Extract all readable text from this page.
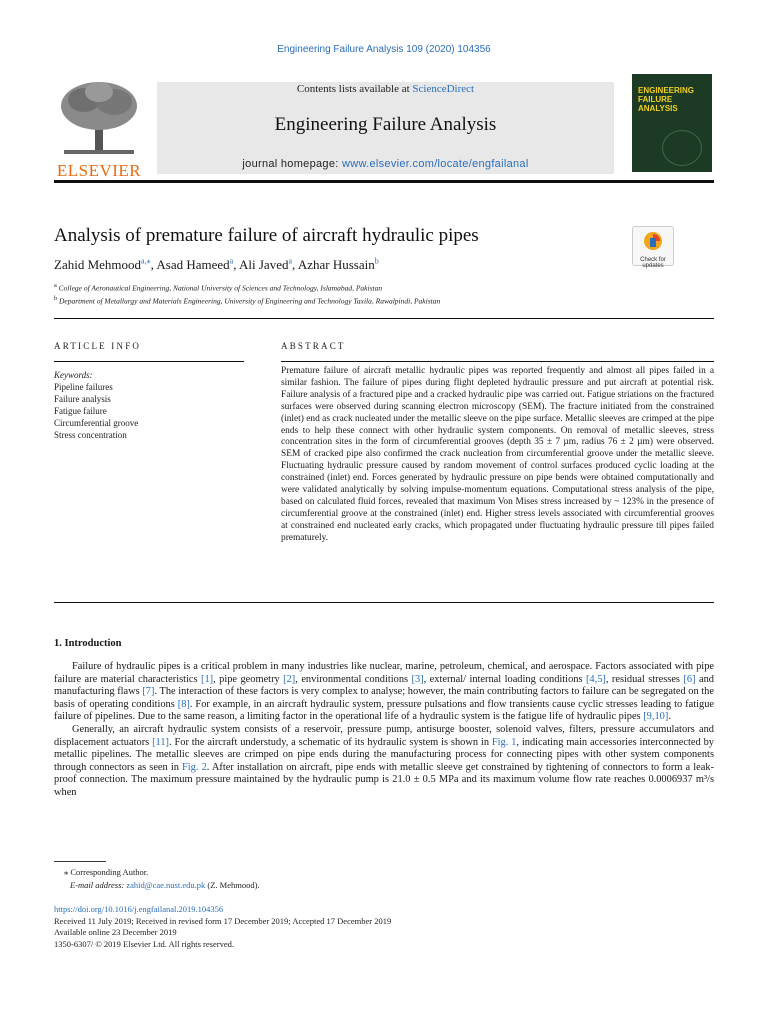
Engineering Failure Analysis 109 (2020) 104356
ELSEVIER
Contents lists available at ScienceDirect
Engineering Failure Analysis
journal homepage: www.elsevier.com/locate/engfailanal
ENGINEERING FAILURE ANALYSIS
Analysis of premature failure of aircraft hydraulic pipes
Check for updates
Zahid Mehmood$^{a,⁎}$, Asad Hameed$^a$, Ali Javed$^a$, Azhar Hussain$^b$
$^a$ College of Aeronautical Engineering, National University of Sciences and Technology, Islamabad, Pakistan
$^b$ Department of Metallurgy and Materials Engineering, University of Engineering and Technology Taxila, Rawalpindi, Pakistan
ARTICLE INFO	ABSTRACT
Keywords:
Pipeline failures
Failure analysis
Fatigue failure
Circumferential groove
Stress concentration
Premature failure of aircraft metallic hydraulic pipes was reported frequently and almost all pipes failed in a similar fashion. The failure of pipes during flight depleted hydraulic pressure and put aircraft at potential risk. Failure analysis of a fractured pipe and a cracked hydraulic pipe was carried out. Fatigue striations on the fractured surfaces were observed during scanning electron microscopy (SEM). The fracture initiated from the constrained (inlet) end as crack nucleated under the metallic sleeve on the pipe surface. Metallic sleeves are crimped at the pipe ends to help these connect with other hydraulic system components. On removal of metallic sleeves, stress concentration sites in the form of circumferential grooves (depth 35 ± 7 µm, radius 76 ± 2 µm) were observed. SEM of cracked pipe also confirmed the crack nucleation from circumferential groove under the metallic sleeve. Fluctuating hydraulic pressure caused by random movement of control surfaces produced cyclic loading at the constrained (inlet) end. Forces generated by hydraulic pressure on pipe bends were obtained computationally and were validated analytically by solving impulse-momentum equations. Computational stress analysis of the pipe, based on calculated fluid forces, revealed that maximum Von Mises stress increased by ~ 123% in the presence of circumferential groove at the constrained (inlet) end. Higher stress levels associated with circumferential grooves at constrained end nucleated early cracks, which propagated under fluctuating hydraulic pressure till pipes failed prematurely.
1. Introduction

Failure of hydraulic pipes is a critical problem in many industries like nuclear, marine, petroleum, chemical, and aerospace. Factors associated with pipe failure are material characteristics [1], pipe geometry [2], environmental conditions [3], external/ internal loading conditions [4,5], residual stresses [6] and manufacturing flaws [7]. The interaction of these factors is very complex to analyse; however, the main contributing factors to failure can be segregated on the basis of operating conditions [8]. For example, in an aircraft hydraulic system, pressure pulsations and flow transients cause cyclic stresses leading to fatigue failure of pipelines. Due to the same reason, a limiting factor in the operational life of a hydraulic system is the fatigue life of hydraulic pipes [9,10].

Generally, an aircraft hydraulic system consists of a reservoir, pressure pump, antisurge booster, solenoid valves, filters, pressure accumulators and displacement actuators [11]. For the aircraft understudy, a schematic of its hydraulic system is shown in Fig. 1, indicating main accessories interconnected by metallic pipelines. The metallic sleeves are crimped on pipe ends during the manufacturing process for connecting pipes with other system components through connectors as seen in Fig. 2. After installation on aircraft, pipe ends with metallic sleeve get constrained by tightening of connectors to form a leak-proof connection. The maximum pressure maintained by the hydraulic pump is 21.0 ± 0.5 MPa and its maximum volume flow rate reaches 0.0006937 m³/s when

⁎ Corresponding Author.
E-mail address: zahid@cae.nust.edu.pk (Z. Mehmood).
https://doi.org/10.1016/j.engfailanal.2019.104356
Received 11 July 2019; Received in revised form 17 December 2019; Accepted 17 December 2019
Available online 23 December 2019
1350-6307/ © 2019 Elsevier Ltd. All rights reserved.
